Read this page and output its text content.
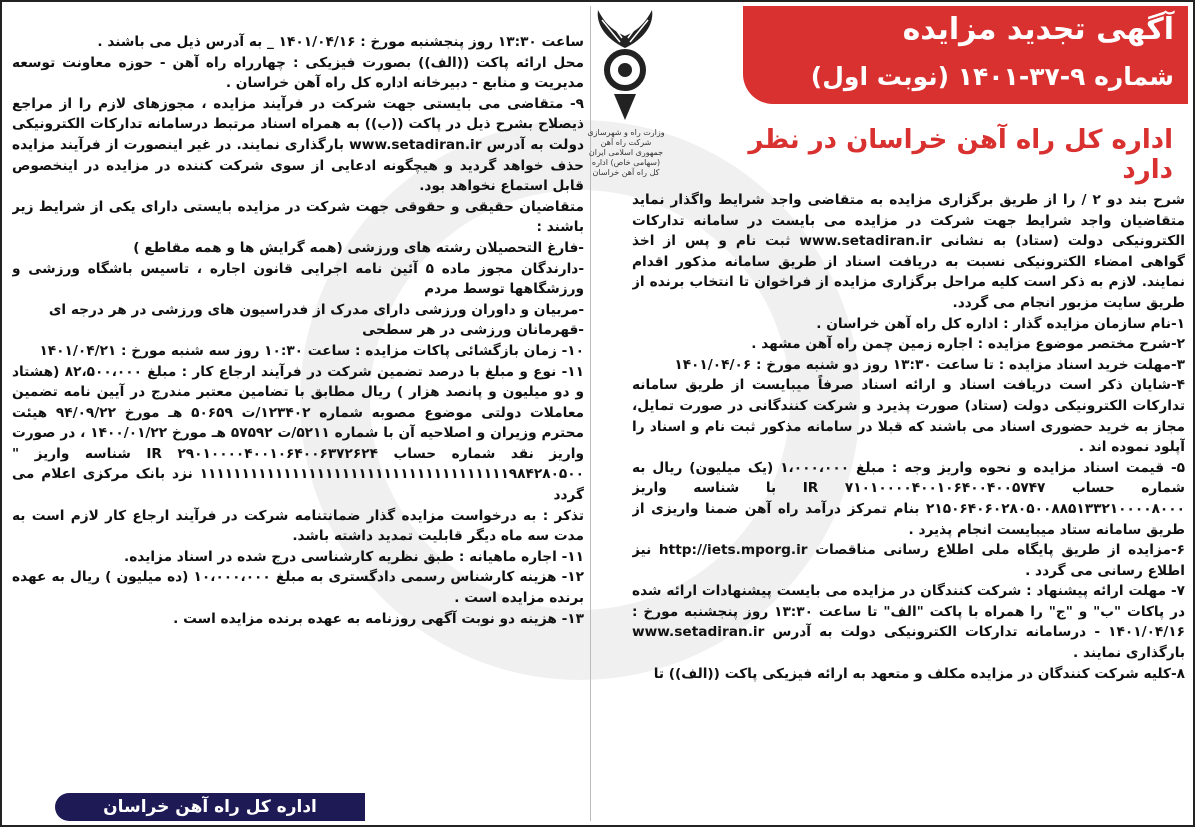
آگهی تجدید مزایده
شماره ۹-۳۷-۱۴۰۱ (نوبت اول)
اداره کل راه آهن خراسان در نظر دارد
وزارت راه و شهرسازی شرکت راه آهن جمهوری اسلامی ایران (سهامی خاص) اداره کل راه آهن خراسان

شرح بند دو ۲ / را از طریق برگزاری مزایده به متقاضی واجد شرایط واگذار نماید متقاضیان واجد شرایط جهت شرکت در مزایده می بایست در سامانه تدارکات الکترونیکی دولت (ستاد) به نشانی www.setadiran.ir ثبت نام و پس از اخذ گواهی امضاء الکترونیکی نسبت به دریافت اسناد از طریق سامانه مذکور اقدام نمایند. لازم به ذکر است کلیه مراحل برگزاری مزایده از فراخوان تا انتخاب برنده از طریق سایت مزبور انجام می گردد.

۱-نام سازمان مزایده گذار : اداره کل راه آهن خراسان .

۲-شرح مختصر موضوع مزایده : اجاره زمین چمن راه آهن مشهد .

۳-مهلت خرید اسناد مزایده : تا ساعت ۱۳:۳۰ روز دو شنبه مورخ : ۱۴۰۱/۰۴/۰۶

۴-شایان ذکر است دریافت اسناد و ارائه اسناد صرفاً میبایست از طریق سامانه تدارکات الکترونیکی دولت (ستاد) صورت پذیرد و شرکت کنندگانی در صورت تمایل، مجاز به خرید حضوری اسناد می باشند که قبلا در سامانه مذکور ثبت نام و اسناد را آپلود نموده اند .

۵- قیمت اسناد مزایده و نحوه واریز وجه : مبلغ ۱،۰۰۰،۰۰۰ (یک میلیون) ریال به شماره حساب IR ۷۱۰۱۰۰۰۰۴۰۰۱۰۶۴۰۰۴۰۰۵۷۴۷ با شناسه واریز ۲۱۵۰۶۴۰۶۰۲۸۰۵۰۰۸۸۵۱۳۳۲۱۰۰۰۰۸۰۰۰ بنام تمرکز درآمد راه آهن ضمنا واریزی از طریق سامانه ستاد میبایست انجام پذیرد .

۶-مزایده از طریق پایگاه ملی اطلاع رسانی مناقصات http://iets.mporg.ir نیز اطلاع رسانی می گردد .

۷- مهلت ارائه پیشنهاد : شرکت کنندگان در مزایده می بایست پیشنهادات ارائه شده در پاکات "ب" و "ج" را همراه با پاکت "الف" تا ساعت ۱۳:۳۰ روز پنجشنبه مورخ : ۱۴۰۱/۰۴/۱۶ - درسامانه تدارکات الکترونیکی دولت به آدرس www.setadiran.ir بارگذاری نمایند .

۸-کلیه شرکت کنندگان در مزایده مکلف و متعهد به ارائه فیزیکی پاکت ((الف)) تا

ساعت ۱۳:۳۰ روز پنجشنبه مورخ : ۱۴۰۱/۰۴/۱۶ _ به آدرس ذیل می باشند .

محل ارائه پاکت ((الف)) بصورت فیزیکی : چهارراه راه آهن - حوزه معاونت توسعه مدیریت و منابع - دبیرخانه اداره کل راه آهن خراسان .

۹- متقاضی می بایستی جهت شرکت در فرآیند مزایده ، مجوزهای لازم را از مراجع ذیصلاح بشرح ذیل در پاکت ((ب)) به همراه اسناد مرتبط درسامانه تدارکات الکترونیکی دولت به آدرس www.setadiran.ir بارگذاری نمایند. در غیر اینصورت از فرآیند مزایده حذف خواهد گردید و هیچگونه ادعایی از سوی شرکت کننده در مزایده در اینخصوص قابل استماع نخواهد بود.

متقاضیان حقیقی و حقوقی جهت شرکت در مزایده بایستی دارای یکی از شرایط زیر باشند :

-فارغ التحصیلان رشته های ورزشی (همه گرایش ها و همه مقاطع )

-دارندگان مجوز ماده ۵ آئین نامه اجرایی قانون اجاره ، تاسیس باشگاه ورزشی و ورزشگاهها توسط مردم

-مربیان و داوران ورزشی دارای مدرک از فدراسیون های ورزشی در هر درجه ای

-قهرمانان ورزشی در هر سطحی

۱۰- زمان بازگشائی پاکات مزایده : ساعت ۱۰:۳۰ روز سه شنبه مورخ : ۱۴۰۱/۰۴/۲۱

۱۱- نوع و مبلغ با درصد تضمین شرکت در فرآیند ارجاع کار : مبلغ ۸۲،۵۰۰،۰۰۰ (هشتاد و دو میلیون و پانصد هزار ) ریال مطابق با تضامین معتبر مندرج در آیین نامه تضمین معاملات دولتی موضوع مصوبه شماره ۱۲۳۴۰۲/ت ۵۰۶۵۹ هـ مورخ ۹۴/۰۹/۲۲ هیئت محترم وزیران و اصلاحیه آن با شماره ۵۲۱۱/ت ۵۷۵۹۲ هـ مورخ ۱۴۰۰/۰۱/۲۲ ، در صورت واریز نقد شماره حساب IR ۲۹۰۱۰۰۰۰۴۰۰۱۰۶۴۰۰۶۳۷۲۶۲۴ شناسه واریز " ۱۱۱۱۱۱۱۱۱۱۱۱۱۱۱۱۱۱۱۱۱۱۱۱۱۱۱۱۱۱۱۱۱۱۱۱۱۹۸۴۲۸۰۵۰۰ نزد بانک مرکزی اعلام می گردد

تذکر : به درخواست مزایده گذار ضمانتنامه شرکت در فرآیند ارجاع کار لازم است به مدت سه ماه دیگر قابلیت تمدید داشته باشد.

۱۱- اجاره ماهیانه : طبق نظریه کارشناسی درج شده در اسناد مزایده.

۱۲- هزینه کارشناس رسمی دادگستری به مبلغ ۱۰،۰۰۰،۰۰۰ (ده میلیون ) ریال به عهده برنده مزایده است .

۱۳- هزینه دو نوبت آگهی روزنامه به عهده برنده مزایده است .

اداره کل راه آهن خراسان
